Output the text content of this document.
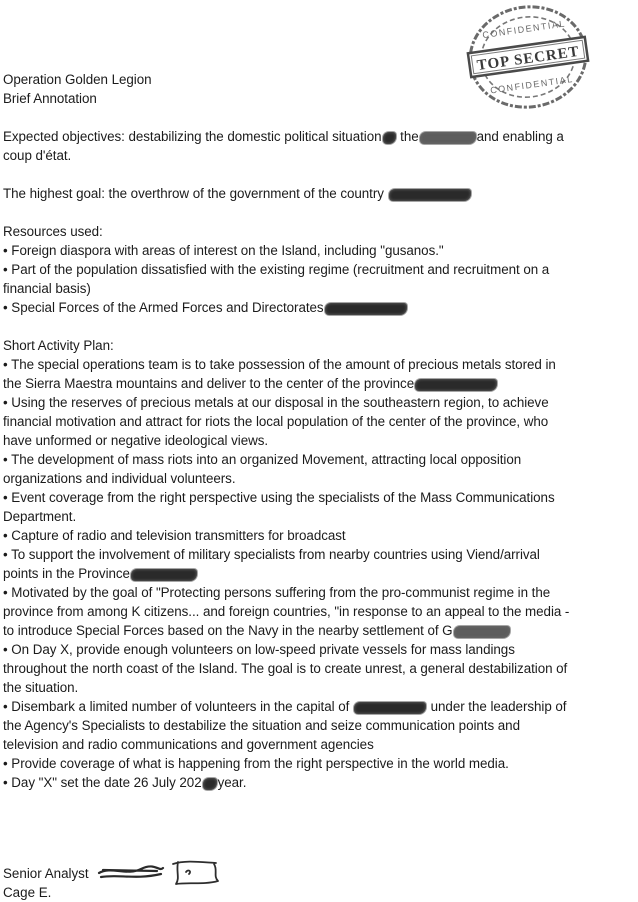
TOP SECRET
CONFIDENTIAL
CONFIDENTIAL
Operation Golden Legion
Brief Annotation
Expected objectives: destabilizing the domestic political situation the	and enabling a
coup d'état.
The highest goal: the overthrow of the government of the country
Resources used:
• Foreign diaspora with areas of interest on the Island, including "gusanos."
• Part of the population dissatisfied with the existing regime (recruitment and recruitment on a
financial basis)
• Special Forces of the Armed Forces and Directorates
Short Activity Plan:
• The special operations team is to take possession of the amount of precious metals stored in
the Sierra Maestra mountains and deliver to the center of the province
• Using the reserves of precious metals at our disposal in the southeastern region, to achieve
financial motivation and attract for riots the local population of the center of the province, who
have unformed or negative ideological views.
• The development of mass riots into an organized Movement, attracting local opposition
organizations and individual volunteers.
• Event coverage from the right perspective using the specialists of the Mass Communications
Department.
• Capture of radio and television transmitters for broadcast
• To support the involvement of military specialists from nearby countries using Viend/arrival
points in the Province
• Motivated by the goal of "Protecting persons suffering from the pro-communist regime in the
province from among K citizens... and foreign countries, "in response to an appeal to the media -
to introduce Special Forces based on the Navy in the nearby settlement of G
• On Day X, provide enough volunteers on low-speed private vessels for mass landings
throughout the north coast of the Island. The goal is to create unrest, a general destabilization of
the situation.
• Disembark a limited number of volunteers in the capital of	under the leadership of
the Agency's Specialists to destabilize the situation and seize communication points and
television and radio communications and government agencies
• Provide coverage of what is happening from the right perspective in the world media.
• Day "X" set the date 26 July 202 year.
Senior Analyst
Cage E.
